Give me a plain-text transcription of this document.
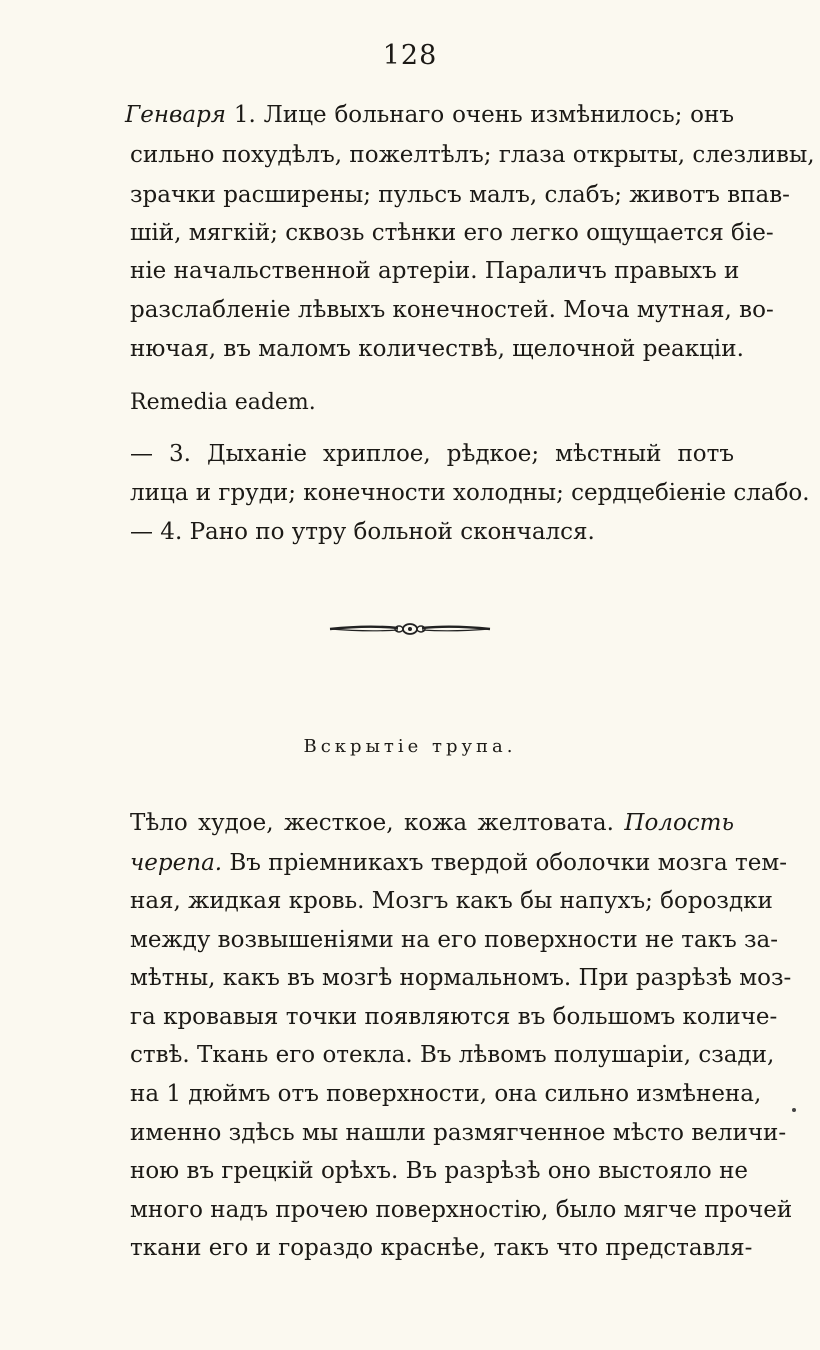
128
Генваря 1. Лице больнаго очень измѣнилось; онъ
сильно похудѣлъ, пожелтѣлъ; глаза открыты, слезливы,
зрачки расширены; пульсъ малъ, слабъ; животъ впав-
шій, мягкій; сквозь стѣнки его легко ощущается біе-
ніе начальственной артеріи. Параличъ правыхъ и
разслабленіе лѣвыхъ конечностей. Моча мутная, во-
нючая, въ маломъ количествѣ, щелочной реакціи.
Remedia eadem.
— 3. Дыханіе хриплое, рѣдкое; мѣстный потъ
лица и груди; конечности холодны; сердцебіеніе слабо.
— 4. Рано по утру больной скончался.
Вскрытіе трупа.
Тѣло худое, жесткое, кожа желтовата. Полость
черепа. Въ пріемникахъ твердой оболочки мозга тем-
ная, жидкая кровь. Мозгъ какъ бы напухъ; бороздки
между возвышеніями на его поверхности не такъ за-
мѣтны, какъ въ мозгѣ нормальномъ. При разрѣзѣ моз-
га кровавыя точки появляются въ большомъ количе-
ствѣ. Ткань его отекла. Въ лѣвомъ полушаріи, сзади,
на 1 дюймъ отъ поверхности, она сильно измѣнена,
именно здѣсь мы нашли размягченное мѣсто величи-
ною въ грецкій орѣхъ. Въ разрѣзѣ оно выстояло не
много надъ прочею поверхностію, было мягче прочей
ткани его и гораздо краснѣе, такъ что представля-
